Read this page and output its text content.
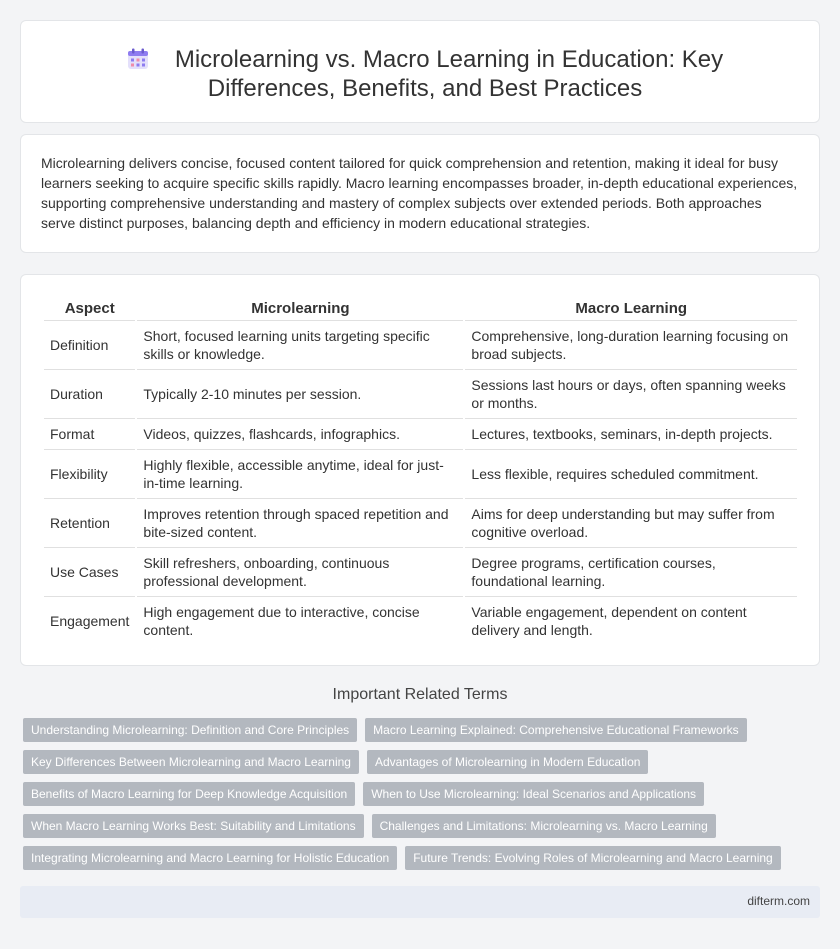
Microlearning vs. Macro Learning in Education: Key Differences, Benefits, and Best Practices

Microlearning delivers concise, focused content tailored for quick comprehension and retention, making it ideal for busy learners seeking to acquire specific skills rapidly. Macro learning encompasses broader, in-depth educational experiences, supporting comprehensive understanding and mastery of complex subjects over extended periods. Both approaches serve distinct purposes, balancing depth and efficiency in modern educational strategies.

Aspect	Microlearning	Macro Learning
Definition	Short, focused learning units targeting specific skills or knowledge.	Comprehensive, long-duration learning focusing on broad subjects.
Duration	Typically 2-10 minutes per session.	Sessions last hours or days, often spanning weeks or months.
Format	Videos, quizzes, flashcards, infographics.	Lectures, textbooks, seminars, in-depth projects.
Flexibility	Highly flexible, accessible anytime, ideal for just-in-time learning.	Less flexible, requires scheduled commitment.
Retention	Improves retention through spaced repetition and bite-sized content.	Aims for deep understanding but may suffer from cognitive overload.
Use Cases	Skill refreshers, onboarding, continuous professional development.	Degree programs, certification courses, foundational learning.
Engagement	High engagement due to interactive, concise content.	Variable engagement, dependent on content delivery and length.
Important Related Terms
Understanding Microlearning: Definition and Core Principles	Macro Learning Explained: Comprehensive Educational Frameworks
Key Differences Between Microlearning and Macro Learning	Advantages of Microlearning in Modern Education
Benefits of Macro Learning for Deep Knowledge Acquisition	When to Use Microlearning: Ideal Scenarios and Applications
When Macro Learning Works Best: Suitability and Limitations	Challenges and Limitations: Microlearning vs. Macro Learning
Integrating Microlearning and Macro Learning for Holistic Education	Future Trends: Evolving Roles of Microlearning and Macro Learning
difterm.com
